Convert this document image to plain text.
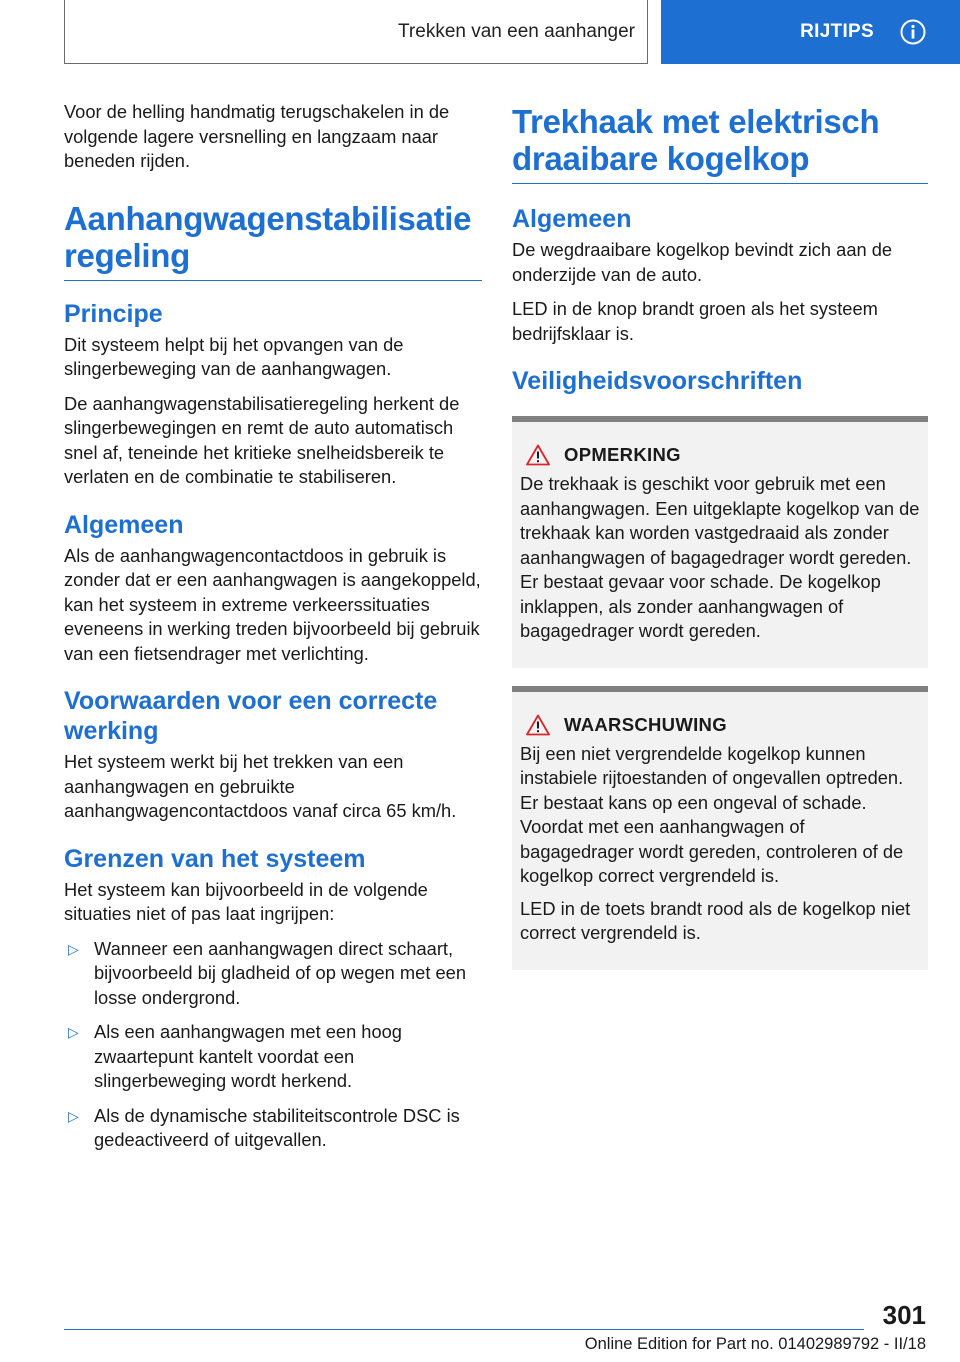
Trekken van een aanhanger	RIJTIPS

Voor de helling handmatig terugschakelen in de volgende lagere versnelling en langzaam naar beneden rijden.

Aanhangwagenstabilisatieregeling
Principe

Dit systeem helpt bij het opvangen van de slingerbeweging van de aanhangwagen.

De aanhangwagenstabilisatieregeling herkent de slingerbewegingen en remt de auto automatisch snel af, teneinde het kritieke snelheidsbereik te verlaten en de combinatie te stabiliseren.

Algemeen

Als de aanhangwagencontactdoos in gebruik is zonder dat er een aanhangwagen is aangekoppeld, kan het systeem in extreme verkeerssituaties eveneens in werking treden bijvoorbeeld bij gebruik van een fietsendrager met verlichting.

Voorwaarden voor een correcte werking

Het systeem werkt bij het trekken van een aanhangwagen en gebruikte aanhangwagencontactdoos vanaf circa 65 km/h.

Grenzen van het systeem

Het systeem kan bijvoorbeeld in de volgende situaties niet of pas laat ingrijpen:

▷ Wanneer een aanhangwagen direct schaart, bijvoorbeeld bij gladheid of op wegen met een losse ondergrond.
▷ Als een aanhangwagen met een hoog zwaartepunt kantelt voordat een slingerbeweging wordt herkend.
▷ Als de dynamische stabiliteitscontrole DSC is gedeactiveerd of uitgevallen.
Trekhaak met elektrisch draaibare kogelkop
Algemeen

De wegdraaibare kogelkop bevindt zich aan de onderzijde van de auto.

LED in de knop brandt groen als het systeem bedrijfsklaar is.

Veiligheidsvoorschriften
OPMERKING

De trekhaak is geschikt voor gebruik met een aanhangwagen. Een uitgeklapte kogelkop van de trekhaak kan worden vastgedraaid als zonder aanhangwagen of bagagedrager wordt gereden. Er bestaat gevaar voor schade. De kogelkop inklappen, als zonder aanhangwagen of bagagedrager wordt gereden.

WAARSCHUWING

Bij een niet vergrendelde kogelkop kunnen instabiele rijtoestanden of ongevallen optreden. Er bestaat kans op een ongeval of schade. Voordat met een aanhangwagen of bagagedrager wordt gereden, controleren of de kogelkop correct vergrendeld is.

LED in de toets brandt rood als de kogelkop niet correct vergrendeld is.

301
Online Edition for Part no. 01402989792 - II/18
